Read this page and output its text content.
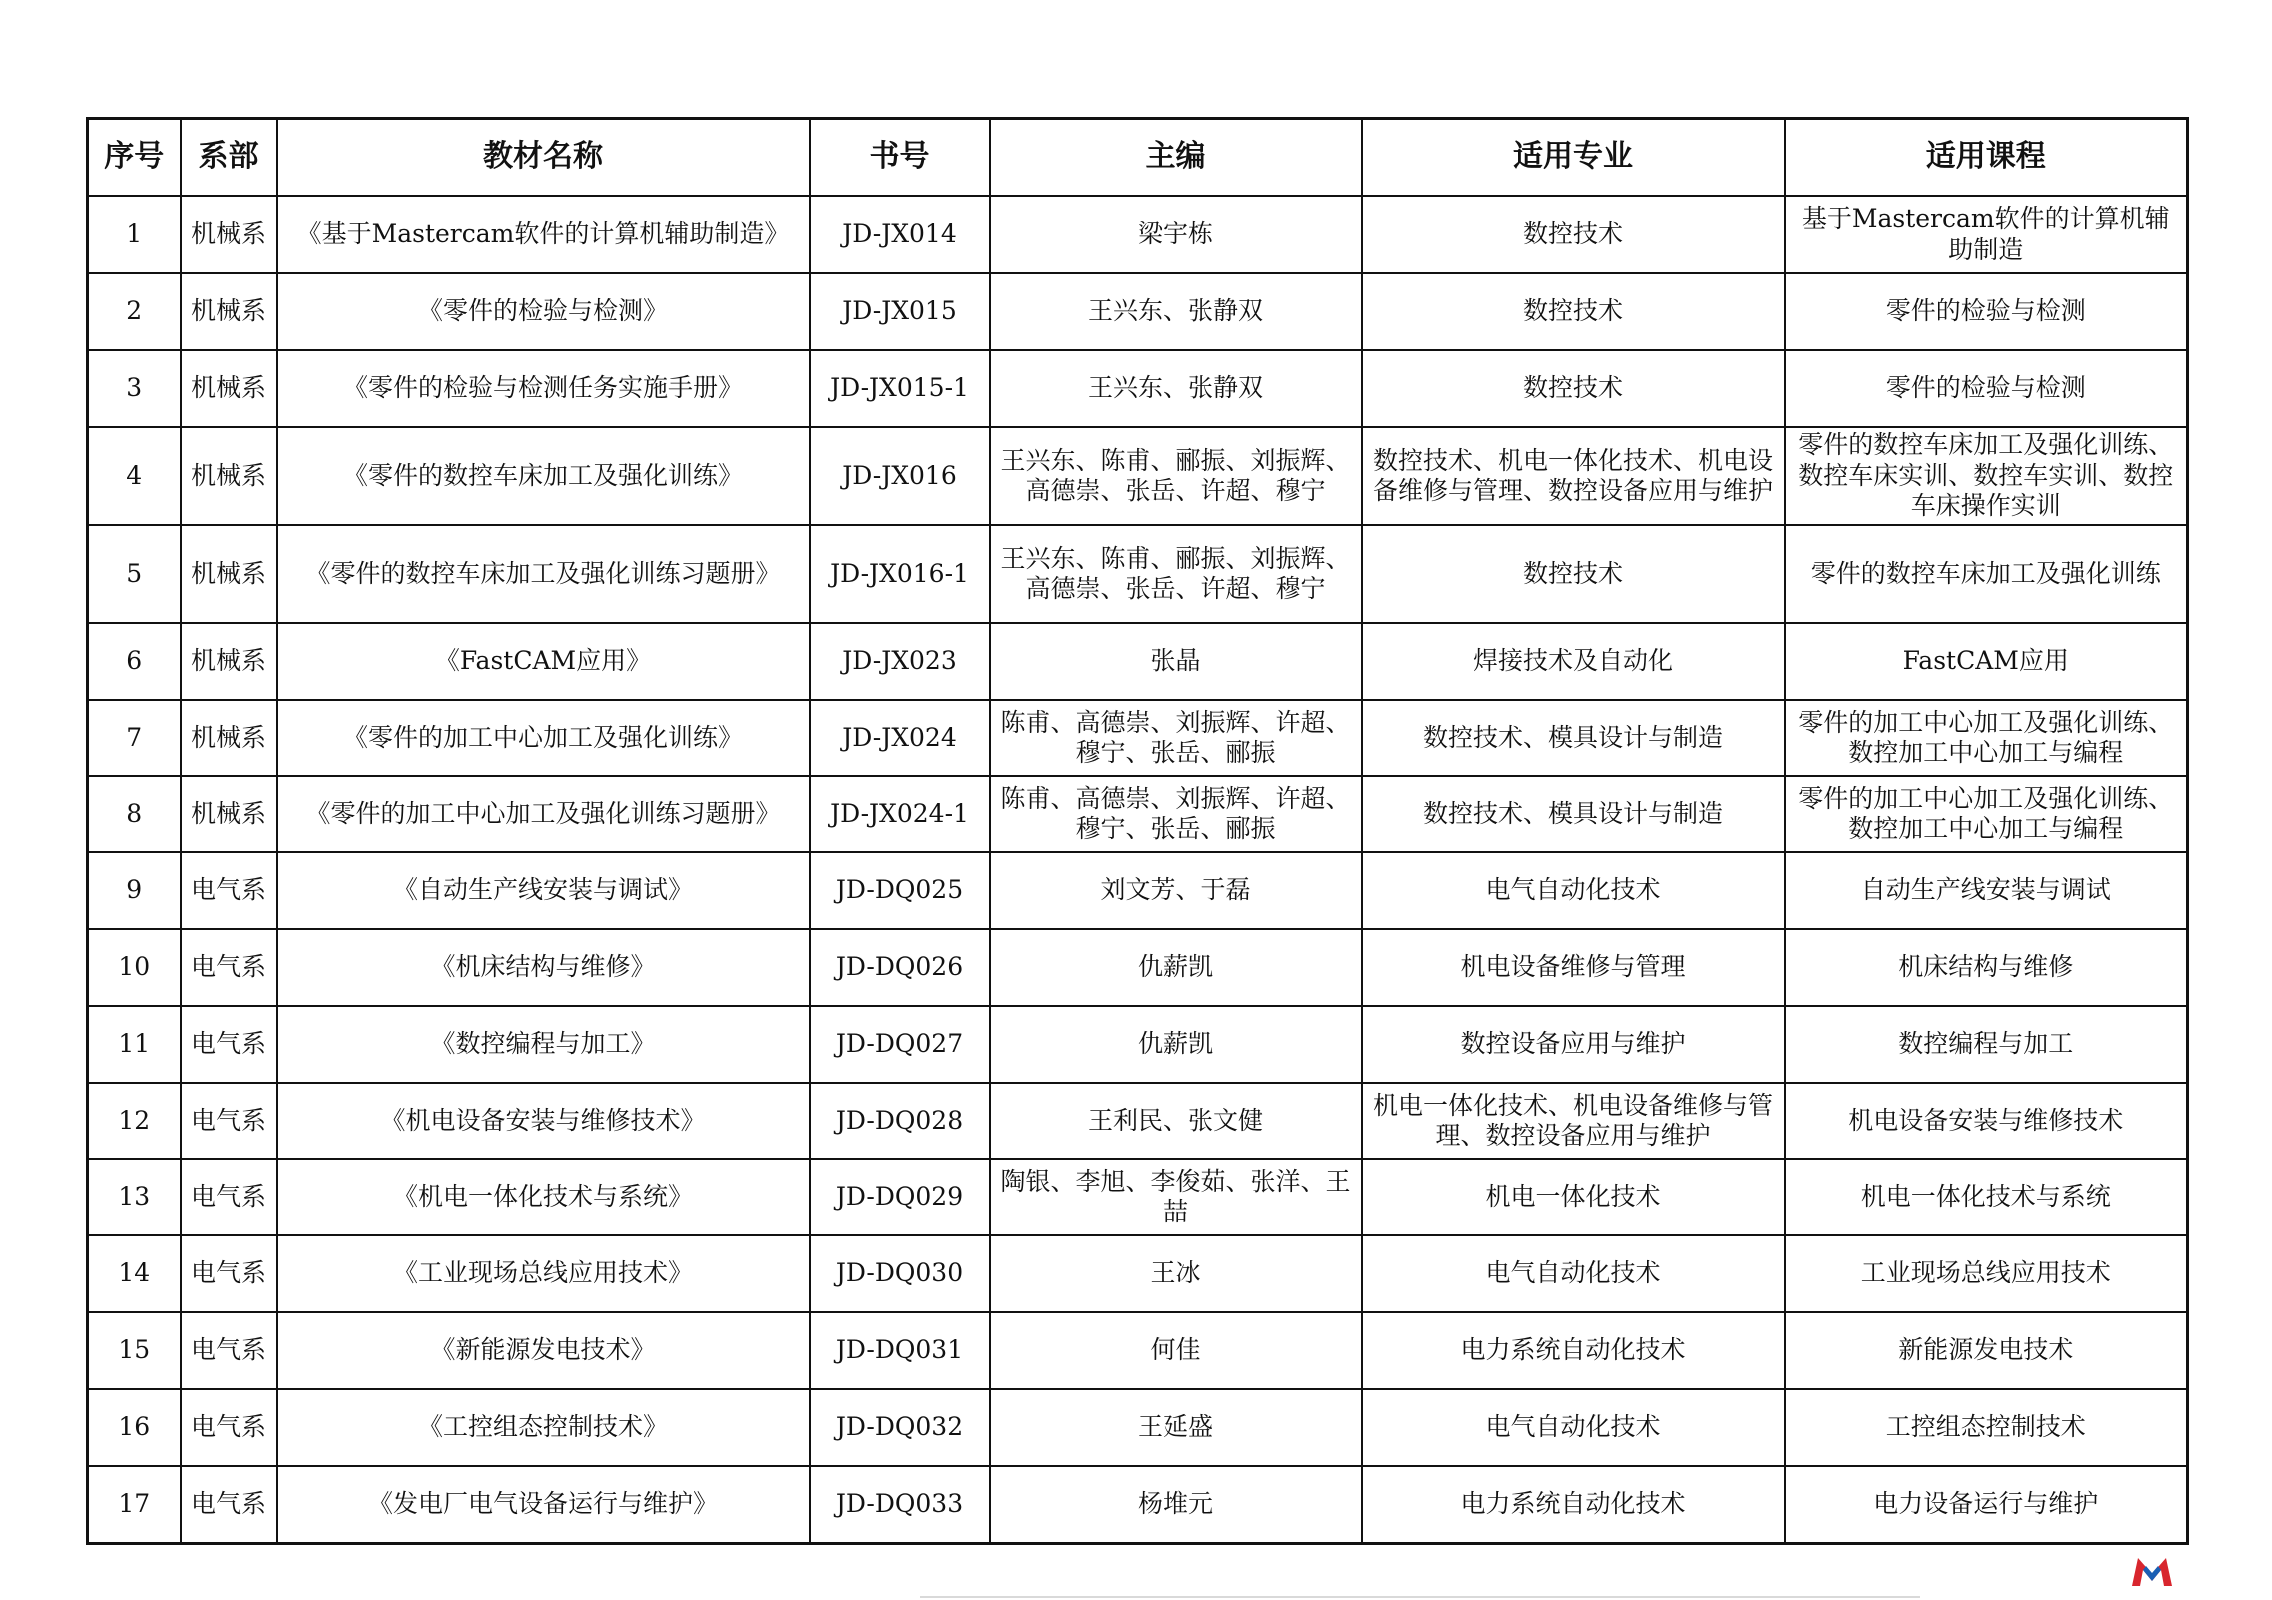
序号	系部	教材名称	书号	主编	适用专业	适用课程
1	机械系	《基于Mastercam软件的计算机辅助制造》	JD-JX014	梁宇栋	数控技术	基于Mastercam软件的计算机辅助制造
2	机械系	《零件的检验与检测》	JD-JX015	王兴东、张静双	数控技术	零件的检验与检测
3	机械系	《零件的检验与检测任务实施手册》	JD-JX015-1	王兴东、张静双	数控技术	零件的检验与检测
4	机械系	《零件的数控车床加工及强化训练》	JD-JX016	王兴东、陈甫、郦振、刘振辉、高德崇、张岳、许超、穆宁	数控技术、机电一体化技术、机电设备维修与管理、数控设备应用与维护	零件的数控车床加工及强化训练、数控车床实训、数控车实训、数控车床操作实训
5	机械系	《零件的数控车床加工及强化训练习题册》	JD-JX016-1	王兴东、陈甫、郦振、刘振辉、高德崇、张岳、许超、穆宁	数控技术	零件的数控车床加工及强化训练
6	机械系	《FastCAM应用》	JD-JX023	张晶	焊接技术及自动化	FastCAM应用
7	机械系	《零件的加工中心加工及强化训练》	JD-JX024	陈甫、高德崇、刘振辉、许超、穆宁、张岳、郦振	数控技术、模具设计与制造	零件的加工中心加工及强化训练、数控加工中心加工与编程
8	机械系	《零件的加工中心加工及强化训练习题册》	JD-JX024-1	陈甫、高德崇、刘振辉、许超、穆宁、张岳、郦振	数控技术、模具设计与制造	零件的加工中心加工及强化训练、数控加工中心加工与编程
9	电气系	《自动生产线安装与调试》	JD-DQ025	刘文芳、于磊	电气自动化技术	自动生产线安装与调试
10	电气系	《机床结构与维修》	JD-DQ026	仇薪凯	机电设备维修与管理	机床结构与维修
11	电气系	《数控编程与加工》	JD-DQ027	仇薪凯	数控设备应用与维护	数控编程与加工
12	电气系	《机电设备安装与维修技术》	JD-DQ028	王利民、张文健	机电一体化技术、机电设备维修与管理、数控设备应用与维护	机电设备安装与维修技术
13	电气系	《机电一体化技术与系统》	JD-DQ029	陶银、李旭、李俊茹、张洋、王喆	机电一体化技术	机电一体化技术与系统
14	电气系	《工业现场总线应用技术》	JD-DQ030	王冰	电气自动化技术	工业现场总线应用技术
15	电气系	《新能源发电技术》	JD-DQ031	何佳	电力系统自动化技术	新能源发电技术
16	电气系	《工控组态控制技术》	JD-DQ032	王延盛	电气自动化技术	工控组态控制技术
17	电气系	《发电厂电气设备运行与维护》	JD-DQ033	杨堆元	电力系统自动化技术	电力设备运行与维护
